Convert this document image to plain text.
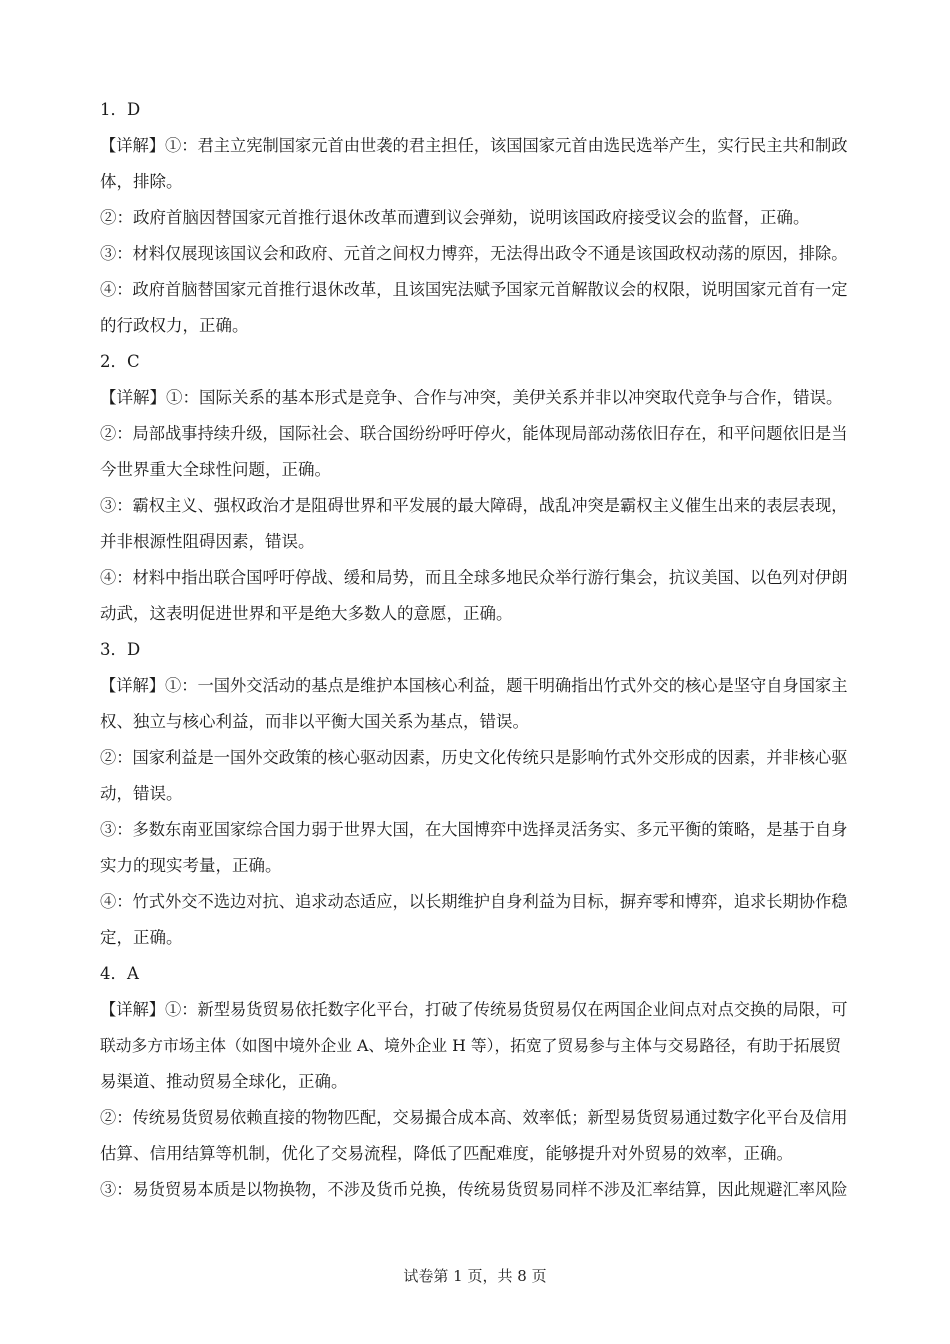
1．D

【详解】①：君主立宪制国家元首由世袭的君主担任，该国国家元首由选民选举产生，实行民主共和制政

体，排除。

②：政府首脑因替国家元首推行退休改革而遭到议会弹劾，说明该国政府接受议会的监督，正确。

③：材料仅展现该国议会和政府、元首之间权力博弈，无法得出政令不通是该国政权动荡的原因，排除。

④：政府首脑替国家元首推行退休改革，且该国宪法赋予国家元首解散议会的权限，说明国家元首有一定

的行政权力，正确。

2．C

【详解】①：国际关系的基本形式是竞争、合作与冲突，美伊关系并非以冲突取代竞争与合作，错误。

②：局部战事持续升级，国际社会、联合国纷纷呼吁停火，能体现局部动荡依旧存在，和平问题依旧是当

今世界重大全球性问题，正确。

③：霸权主义、强权政治才是阻碍世界和平发展的最大障碍，战乱冲突是霸权主义催生出来的表层表现，

并非根源性阻碍因素，错误。

④：材料中指出联合国呼吁停战、缓和局势，而且全球多地民众举行游行集会，抗议美国、以色列对伊朗

动武，这表明促进世界和平是绝大多数人的意愿，正确。

3．D

【详解】①：一国外交活动的基点是维护本国核心利益，题干明确指出竹式外交的核心是坚守自身国家主

权、独立与核心利益，而非以平衡大国关系为基点，错误。

②：国家利益是一国外交政策的核心驱动因素，历史文化传统只是影响竹式外交形成的因素，并非核心驱

动，错误。

③：多数东南亚国家综合国力弱于世界大国，在大国博弈中选择灵活务实、多元平衡的策略，是基于自身

实力的现实考量，正确。

④：竹式外交不选边对抗、追求动态适应，以长期维护自身利益为目标，摒弃零和博弈，追求长期协作稳

定，正确。

4．A

【详解】①：新型易货贸易依托数字化平台，打破了传统易货贸易仅在两国企业间点对点交换的局限，可

联动多方市场主体（如图中境外企业 A、境外企业 H 等），拓宽了贸易参与主体与交易路径，有助于拓展贸

易渠道、推动贸易全球化，正确。

②：传统易货贸易依赖直接的物物匹配，交易撮合成本高、效率低；新型易货贸易通过数字化平台及信用

估算、信用结算等机制，优化了交易流程，降低了匹配难度，能够提升对外贸易的效率，正确。

③：易货贸易本质是以物换物，不涉及货币兑换，传统易货贸易同样不涉及汇率结算，因此规避汇率风险

试卷第 1 页，共 8 页
